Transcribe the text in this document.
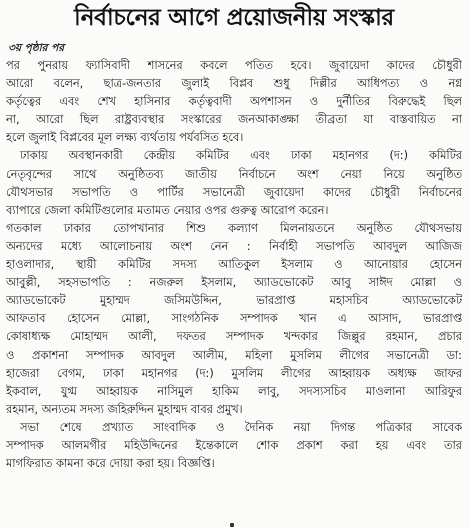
নির্বাচনের আগে প্রয়োজনীয় সংস্কার
৩য় পৃষ্ঠার পর
পর পুনরায় ফ্যাসিবাদী শাসনের কবলে পতিত হবে। জুবায়েদা কাদের চৌধুরী
আরো বলেন, ছাত্র-জনতার জুলাই বিপ্লব শুধু দিল্লীর আধিপত্য ও নগ্ন
কর্তৃত্বের এবং শেখ হাসিনার কর্তৃত্ববাদী অপশাসন ও দুর্নীতির বিরুদ্ধেই ছিল
না, আরো ছিল রাষ্ট্রব্যবস্থার সংস্কারের জনআকাঙ্ক্ষা তীব্রতা যা বাস্তবায়িত না
হলে জুলাই বিপ্লবের মূল লক্ষ্য ব্যর্থতায় পর্যবসিত হবে।
ঢাকায় অবস্থানকারী কেন্দ্রীয় কমিটির এবং ঢাকা মহানগর (দ:) কমিটির
নেতৃবৃন্দের সাথে অনুষ্ঠিতব্য জাতীয় নির্বাচনে অংশ নেয়া নিয়ে অনুষ্ঠিত
যৌথসভার সভাপতি ও পার্টির সভানেত্রী জুবায়েদা কাদের চৌধুরী নির্বাচনের
ব্যাপারে জেলা কমিটিগুলোর মতামত নেয়ার ওপর গুরুত্ব আরোপ করেন।
গতকাল ঢাকার তোপখানার শিশু কল্যাণ মিলনায়তনে অনুষ্ঠিত যৌথসভায়
অন্যদের মধ্যে আলোচনায় অংশ নেন : নির্বাহী সভাপতি আবদুল আজিজ
হাওলাদার, স্থায়ী কমিটির সদস্য আতিকুল ইসলাম ও আনোয়ার হোসেন
আবুল্লী, সহসভাপতি : নজরুল ইসলাম, অ্যাডভোকেট আবু সাঈদ মোল্লা ও
অ্যাডভোকেট মুহাম্মদ জসিমউদ্দিন, ভারপ্রাপ্ত মহাসচিব অ্যাডভোকেট
আফতাব হোসেন মোল্লা, সাংগঠনিক সম্পাদক খান এ আসাদ, ভারপ্রাপ্ত
কোষাধ্যক্ষ মোহাম্মদ আলী, দফতর সম্পাদক খন্দকার জিল্লুর রহমান, প্রচার
ও প্রকাশনা সম্পাদক আবদুল আলীম, মহিলা মুসলিম লীগের সভানেত্রী ডা:
হাজেরা বেগম, ঢাকা মহানগর (দ:) মুসলিম লীগের আহ্বায়ক অধ্যক্ষ জাফর
ইকবাল, যুগ্ম আহ্বায়ক নাসিমুল হাকিম লাবু, সদস্যসচিব মাওলানা আরিফুর
রহমান, অন্যতম সদস্য জহিরুদ্দিন মুহাম্মদ বাবর প্রমুখ।
সভা শেষে প্রখ্যাত সাংবাদিক ও দৈনিক নয়া দিগন্ত পত্রিকার সাবেক
সম্পাদক আলমগীর মহিউদ্দিনের ইন্তেকালে শোক প্রকাশ করা হয় এবং তার
মাগফিরাত কামনা করে দোয়া করা হয়। বিজ্ঞপ্তি।
